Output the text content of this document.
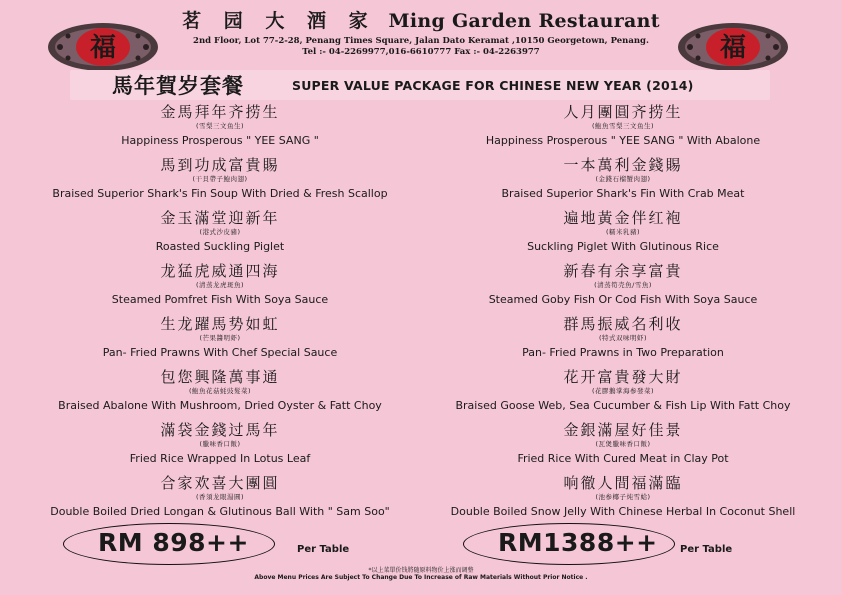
茗 园 大 酒 家 Ming Garden Restaurant
2nd Floor, Lot 77-2-28, Penang Times Square, Jalan Dato Keramat ,10150 Georgetown, Penang.
Tel :- 04-2269977,016-6610777 Fax :- 04-2263977
福	福
馬年賀岁套餐	SUPER VALUE PACKAGE FOR CHINESE NEW YEAR (2014)
金馬拜年齐捞生
(雪梨三文鱼生)
Happiness Prosperous " YEE SANG "
馬到功成富貴賜
(干貝帶子鮑肉翅)
Braised Superior Shark's Fin Soup With Dried & Fresh Scallop
金玉滿堂迎新年
(港式沙皮豬)
Roasted Suckling Piglet
龙猛虎威通四海
(清蒸龙虎斑魚)
Steamed Pomfret Fish With Soya Sauce
生龙躍馬势如虹
(芒果醬明虾)
Pan- Fried Prawns With Chef Special Sauce
包您興隆萬事通
(鮑魚花菇蚝豉髮菜)
Braised Abalone With Mushroom, Dried Oyster & Fatt Choy
滿袋金錢过馬年
(臘味香口飯)
Fried Rice Wrapped In Lotus Leaf
合家欢喜大團圓
(香須龙眼湯圓)
Double Boiled Dried Longan & Glutinous Ball With " Sam Soo"
人月團圓齐捞生
(鮑魚雪梨三文鱼生)
Happiness Prosperous " YEE SANG " With Abalone
一本萬利金錢賜
(金錢石榴蟹肉翅)
Braised Superior Shark's Fin With Crab Meat
遍地黃金伴红袍
(糯米乳豬)
Suckling Piglet With Glutinous Rice
新春有余享富貴
(清蒸筍壳魚/雪魚)
Steamed Goby Fish Or Cod Fish With Soya Sauce
群馬振威名利收
(特式双味明虾)
Pan- Fried Prawns in Two Preparation
花开富貴發大財
(花膠鵝掌海参發菜)
Braised Goose Web, Sea Cucumber & Fish Lip With Fatt Choy
金銀滿屋好佳景
(瓦煲臘味香口飯)
Fried Rice With Cured Meat in Clay Pot
响徹人間福滿臨
(池参椰子炖雪蛤)
Double Boiled Snow Jelly With Chinese Herbal In Coconut Shell
RM 898++	Per Table	RM1388++ Per Table
*以上菜單价钱將随原料物价上涨而调整
Above Menu Prices Are Subject To Change Due To Increase of Raw Materials Without Prior Notice .
